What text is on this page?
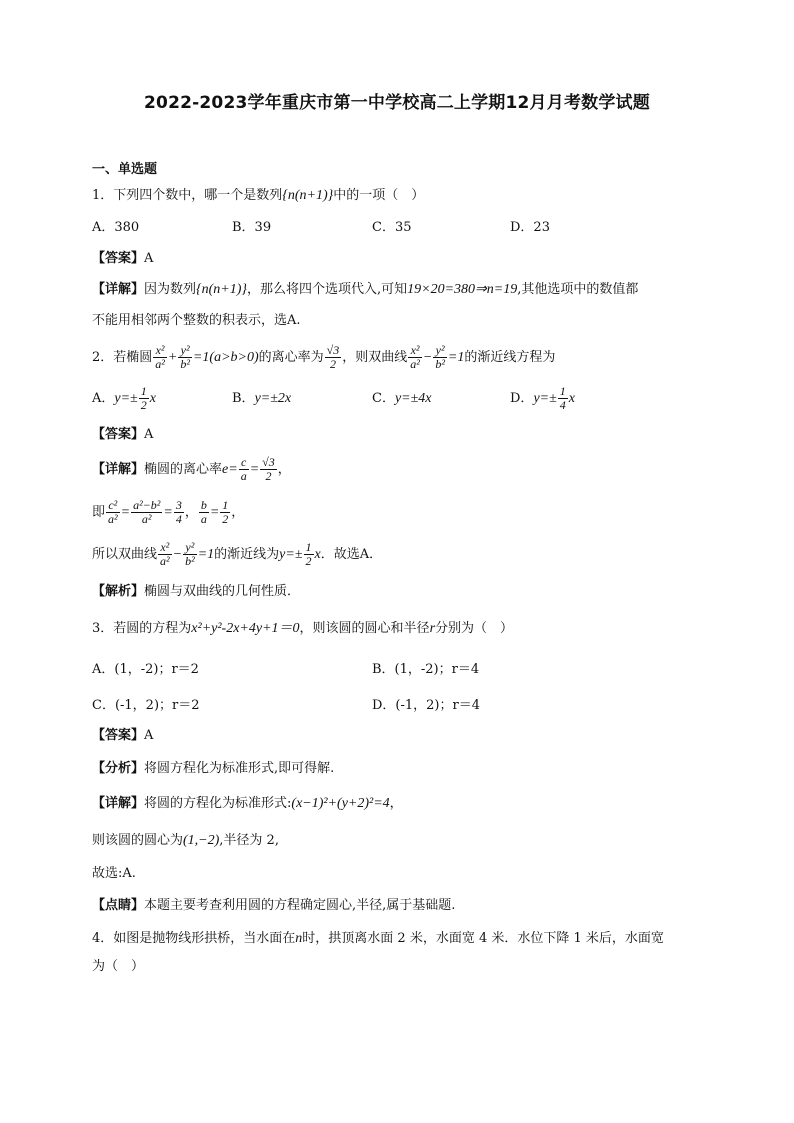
2022-2023学年重庆市第一中学校高二上学期12月月考数学试题
一、单选题
1．下列四个数中，哪一个是数列{n(n+1)}中的一项（　）
A．380	B．39	C．35	D．23
【答案】A
【详解】因为数列{n(n+1)}，那么将四个选项代入,可知19×20=380⇒n=19,其他选项中的数值都
不能用相邻两个整数的积表示，选A.
2．若椭圆 $\frac{\text{x²}}{\text{a²}} + \frac{\text{y²}}{\text{b²}} =1(a>b>0)$的离心率为 $\frac{√3}{2}$ ，则双曲线 $\frac{\text{x²}}{\text{a²}} - \frac{\text{y²}}{\text{b²}} =1$的渐近线方程为
A．$y=\pm \frac{1}{2}$ x	B．y=±2x	C．y=±4x	D．$y=\pm \frac{1}{4}$ x
【答案】A
【详解】椭圆的离心率$e= \frac{c}{a} = \frac{√3}{2}$ ，
即 $\frac{\text{c²}}{\text{a²}} = \frac{\text{a²−b²}}{\text{a²}} = \frac{3}{4}$ ， $\frac{b}{a} = \frac{1}{2}$ ，
所以双曲线 $\frac{\text{x²}}{\text{a²}} - \frac{\text{y²}}{\text{b²}} =1$的渐近线为$y=\pm \frac{1}{2}$ x．故选A．
【解析】椭圆与双曲线的几何性质．
3．若圆的方程为x²+y²-2x+4y+1＝0，则该圆的圆心和半径r分别为（　）
A．(1，-2)；r＝2	B．(1，-2)；r＝4
C．(-1，2)；r＝2	D．(-1，2)；r＝4
【答案】A
【分析】将圆方程化为标准形式,即可得解.
【详解】将圆的方程化为标准形式:(x−1)²+(y+2)²=4，
则该圆的圆心为(1,−2),半径为 2,
故选:A.
【点睛】本题主要考查利用圆的方程确定圆心,半径,属于基础题.
4．如图是抛物线形拱桥，当水面在n时，拱顶离水面 2 米，水面宽 4 米．水位下降 1 米后，水面宽
为（　）
